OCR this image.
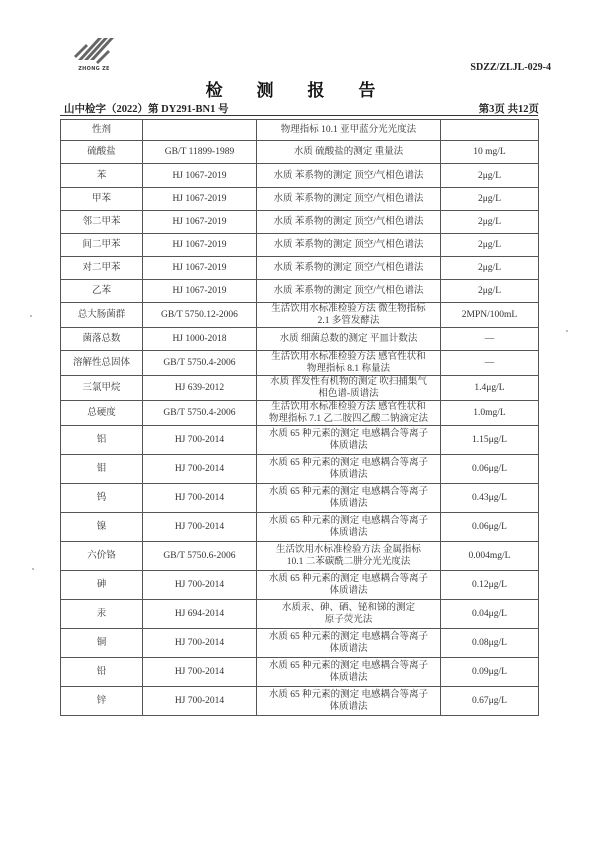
ZHONG ZE	SDZZ/ZLJL-029-4
检 测 报 告
山中检字（2022）第 DY291-BN1 号	第3页 共12页
性剂		物理指标 10.1 亚甲蓝分光光度法	

硫酸盐	GB/T 11899-1989	水质 硫酸盐的测定 重量法	10 mg/L
苯	HJ 1067-2019	水质 苯系物的测定 顶空/气相色谱法	2μg/L
甲苯	HJ 1067-2019	水质 苯系物的测定 顶空/气相色谱法	2μg/L
邻二甲苯	HJ 1067-2019	水质 苯系物的测定 顶空/气相色谱法	2μg/L
间二甲苯	HJ 1067-2019	水质 苯系物的测定 顶空/气相色谱法	2μg/L
对二甲苯	HJ 1067-2019	水质 苯系物的测定 顶空/气相色谱法	2μg/L
乙苯	HJ 1067-2019	水质 苯系物的测定 顶空/气相色谱法	2μg/L
总大肠菌群	GB/T 5750.12-2006	生活饮用水标准检验方法 微生物指标
2.1 多管发酵法	2MPN/100mL
菌落总数	HJ 1000-2018	水质 细菌总数的测定 平皿计数法	—
溶解性总固体	GB/T 5750.4-2006	生活饮用水标准检验方法 感官性状和
物理指标 8.1 称量法	—
三氯甲烷	HJ 639-2012	水质 挥发性有机物的测定 吹扫捕集气
相色谱-质谱法	1.4μg/L
总硬度	GB/T 5750.4-2006	生活饮用水标准检验方法 感官性状和
物理指标 7.1 乙二胺四乙酸二钠滴定法	1.0mg/L
铝	HJ 700-2014	水质 65 种元素的测定 电感耦合等离子
体质谱法	1.15μg/L
钼	HJ 700-2014	水质 65 种元素的测定 电感耦合等离子
体质谱法	0.06μg/L
钨	HJ 700-2014	水质 65 种元素的测定 电感耦合等离子
体质谱法	0.43μg/L
镍	HJ 700-2014	水质 65 种元素的测定 电感耦合等离子
体质谱法	0.06μg/L
六价铬	GB/T 5750.6-2006	生活饮用水标准检验方法 金属指标
10.1 二苯碳酰二肼分光光度法	0.004mg/L
砷	HJ 700-2014	水质 65 种元素的测定 电感耦合等离子
体质谱法	0.12μg/L
汞	HJ 694-2014	水质汞、砷、硒、铋和锑的测定
原子荧光法	0.04μg/L
铜	HJ 700-2014	水质 65 种元素的测定 电感耦合等离子
体质谱法	0.08μg/L
铅	HJ 700-2014	水质 65 种元素的测定 电感耦合等离子
体质谱法	0.09μg/L
锌	HJ 700-2014	水质 65 种元素的测定 电感耦合等离子
体质谱法	0.67μg/L
